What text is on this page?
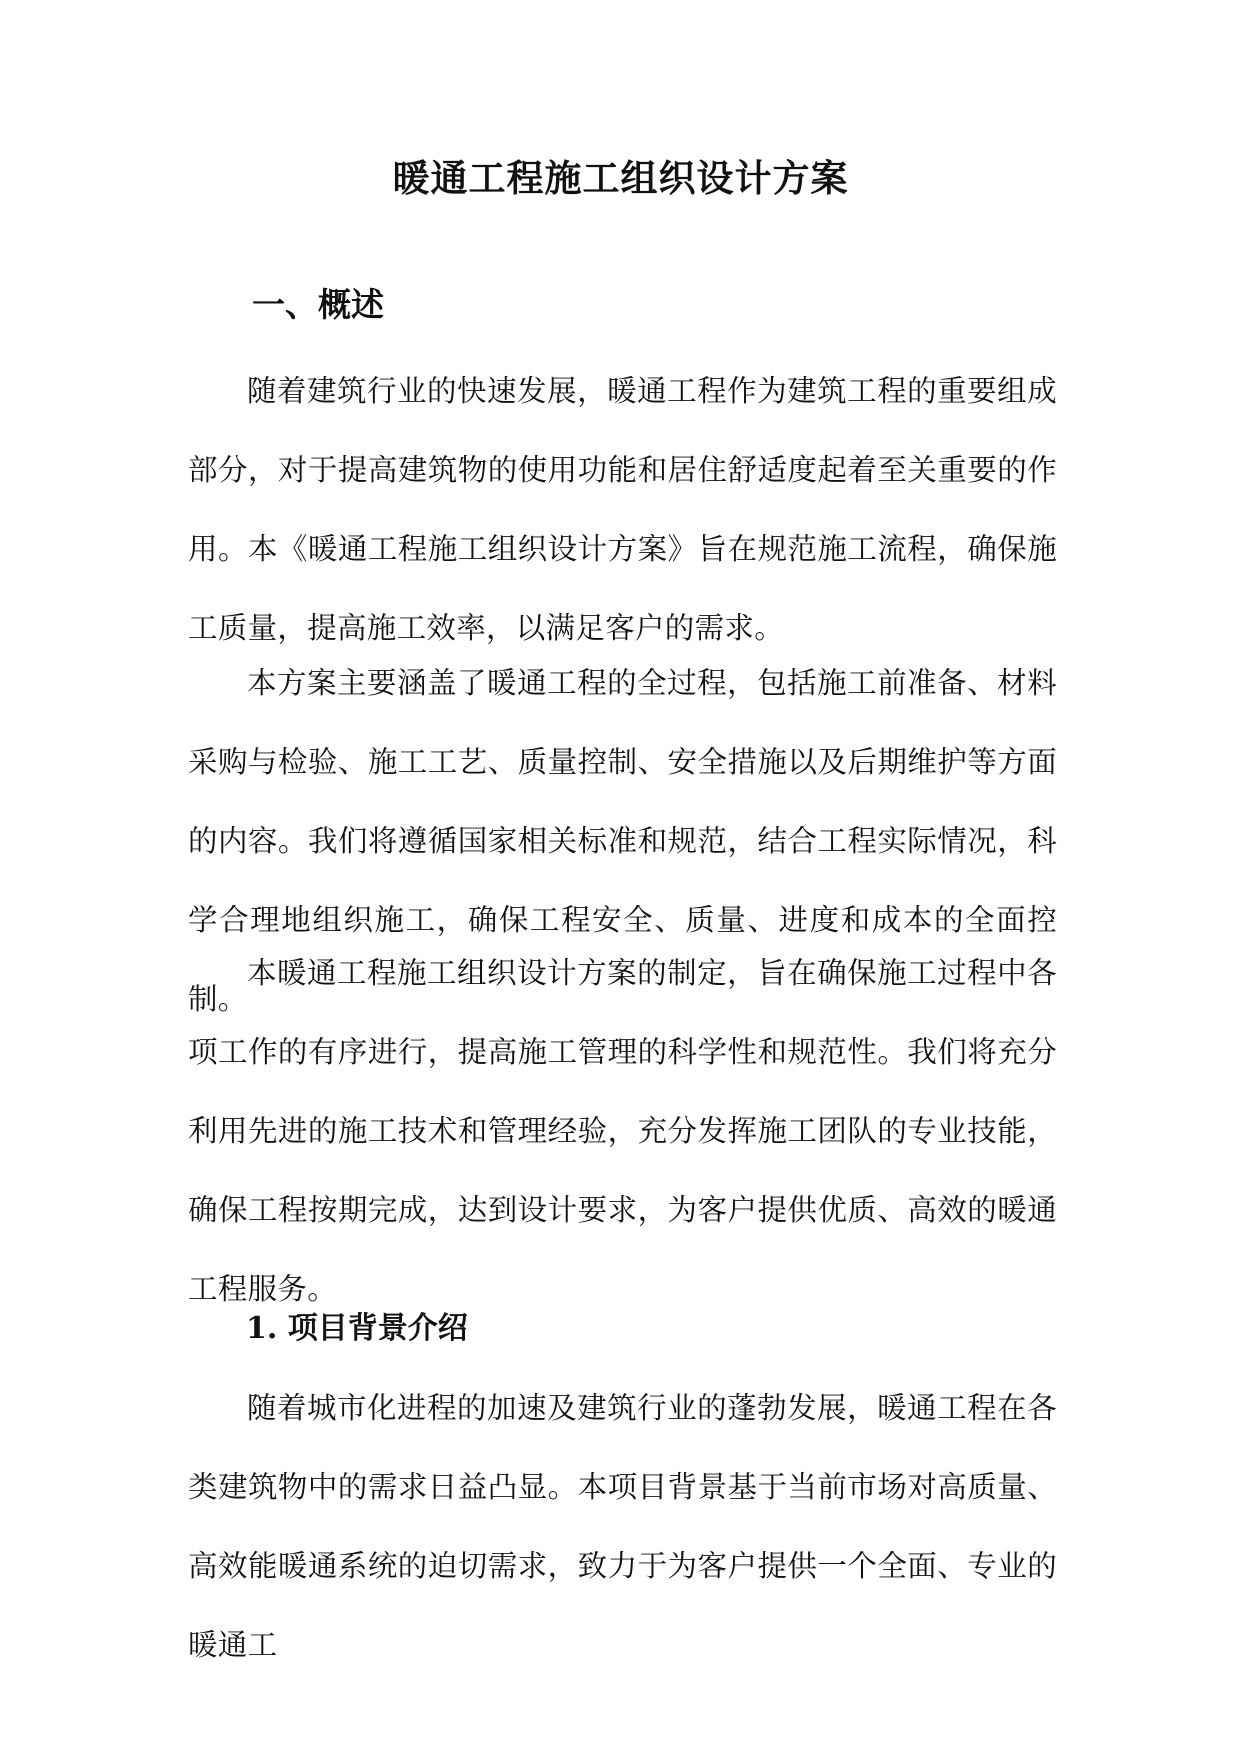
暖通工程施工组织设计方案
一、概述

随着建筑行业的快速发展，暖通工程作为建筑工程的重要组成部分，对于提高建筑物的使用功能和居住舒适度起着至关重要的作用。本《暖通工程施工组织设计方案》旨在规范施工流程，确保施工质量，提高施工效率，以满足客户的需求。

本方案主要涵盖了暖通工程的全过程，包括施工前准备、材料采购与检验、施工工艺、质量控制、安全措施以及后期维护等方面的内容。我们将遵循国家相关标准和规范，结合工程实际情况，科学合理地组织施工，确保工程安全、质量、进度和成本的全面控制。

本暖通工程施工组织设计方案的制定，旨在确保施工过程中各项工作的有序进行，提高施工管理的科学性和规范性。我们将充分利用先进的施工技术和管理经验，充分发挥施工团队的专业技能，确保工程按期完成，达到设计要求，为客户提供优质、高效的暖通工程服务。

1. 项目背景介绍

随着城市化进程的加速及建筑行业的蓬勃发展，暖通工程在各类建筑物中的需求日益凸显。本项目背景基于当前市场对高质量、高效能暖通系统的迫切需求，致力于为客户提供一个全面、专业的暖通工
